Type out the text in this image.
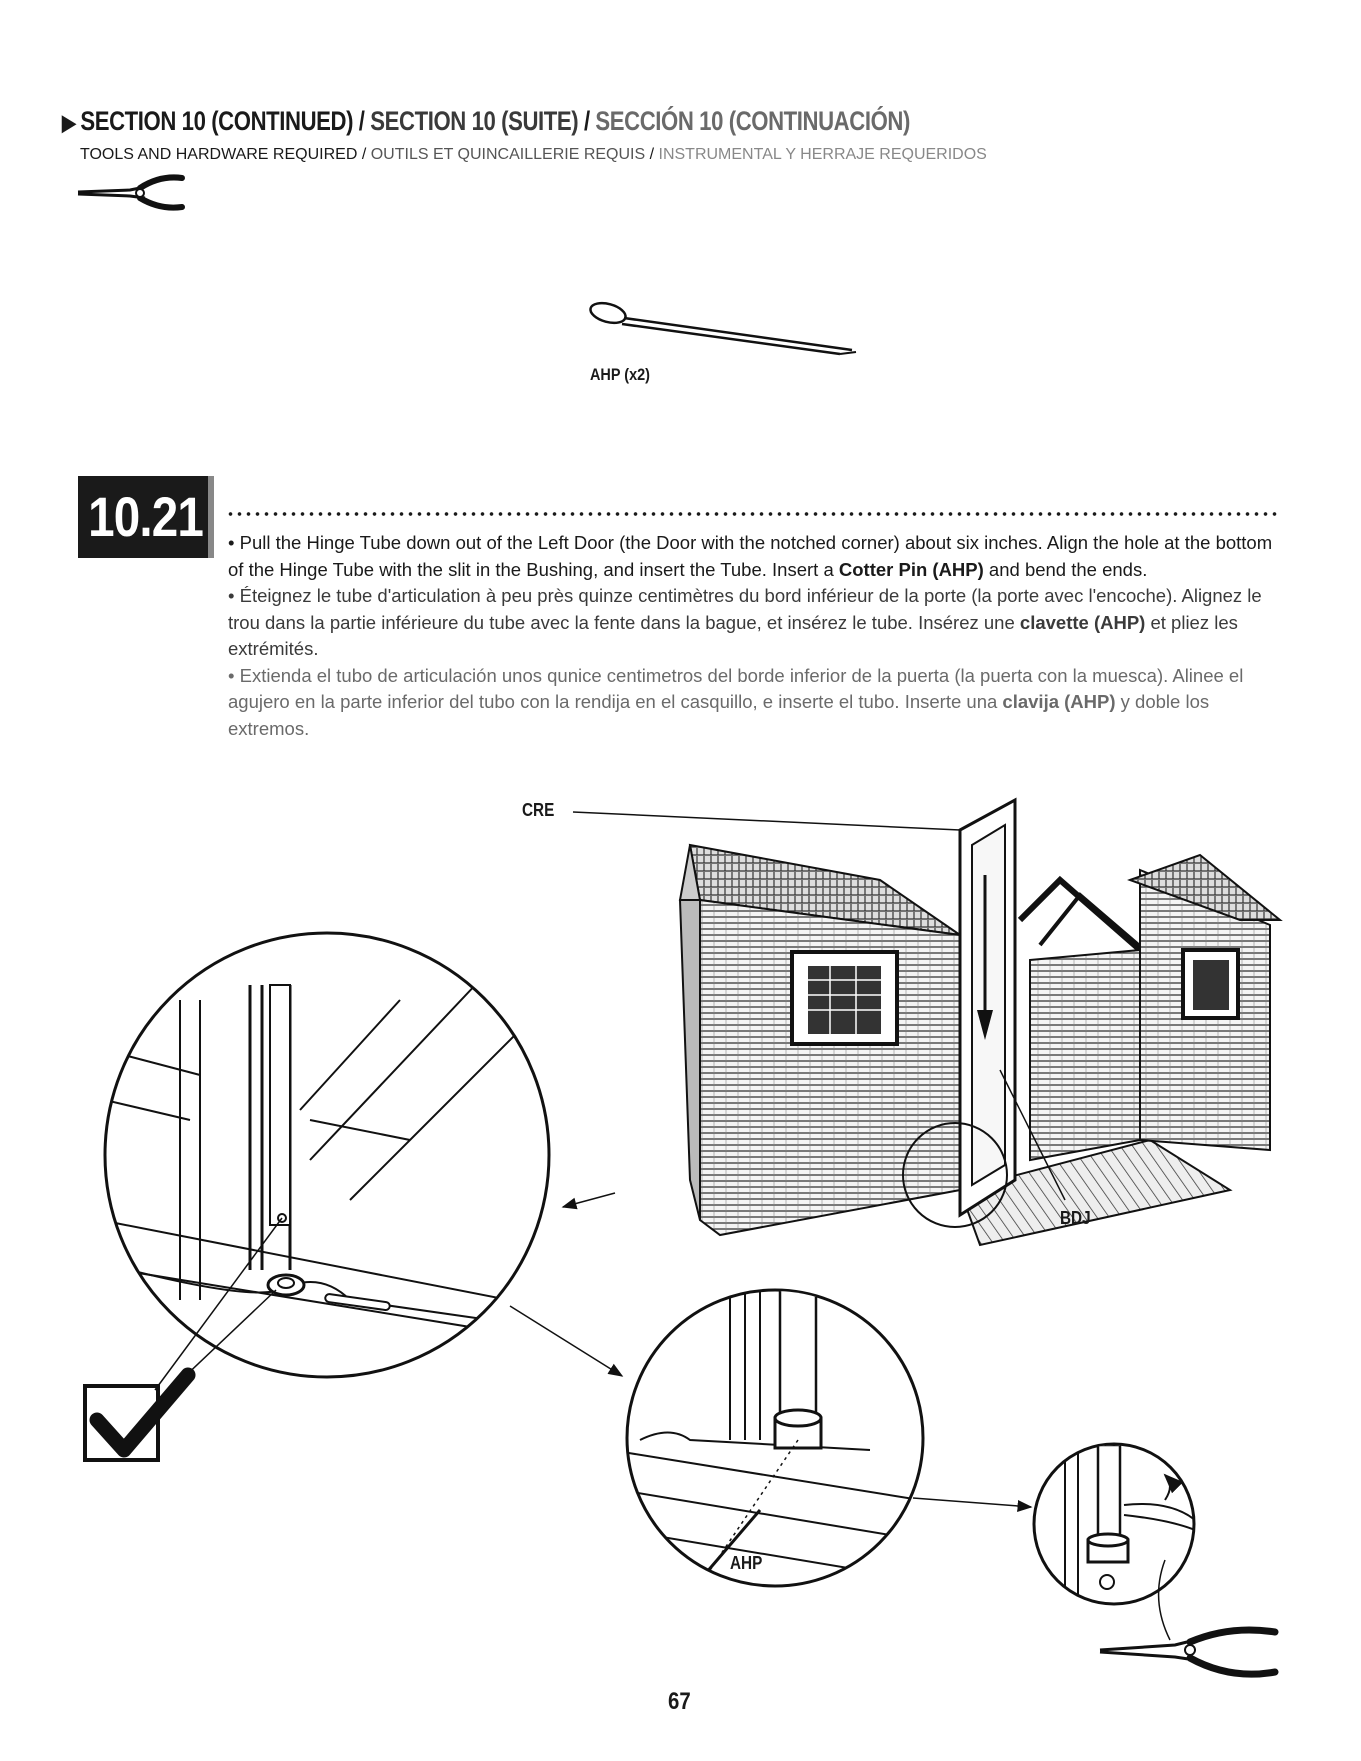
▶ SECTION 10 (CONTINUED) / SECTION 10 (SUITE) / SECCIÓN 10 (CONTINUACIÓN)
TOOLS AND HARDWARE REQUIRED / OUTILS ET QUINCAILLERIE REQUIS / INSTRUMENTAL Y HERRAJE REQUERIDOS
AHP (x2)
10.21 • Pull the Hinge Tube down out of the Left Door (the Door with the notched corner) about six inches. Align the hole at the bottom of the Hinge Tube with the slit in the Bushing, and insert the Tube. Insert a Cotter Pin (AHP) and bend the ends.

• Éteignez le tube d'articulation à peu près quinze centimètres du bord inférieur de la porte (la porte avec l'encoche). Alignez le trou dans la partie inférieure du tube avec la fente dans la bague, et insérez le tube. Insérez une clavette (AHP) et pliez les extrémités.

• Extienda el tubo de articulación unos qunice centimetros del borde inferior de la puerta (la puerta con la muesca). Alinee el agujero en la parte inferior del tubo con la rendija en el casquillo, e inserte el tubo. Inserte una clavija (AHP) y doble los extremos.

CRE
BDJ
AHP
67
